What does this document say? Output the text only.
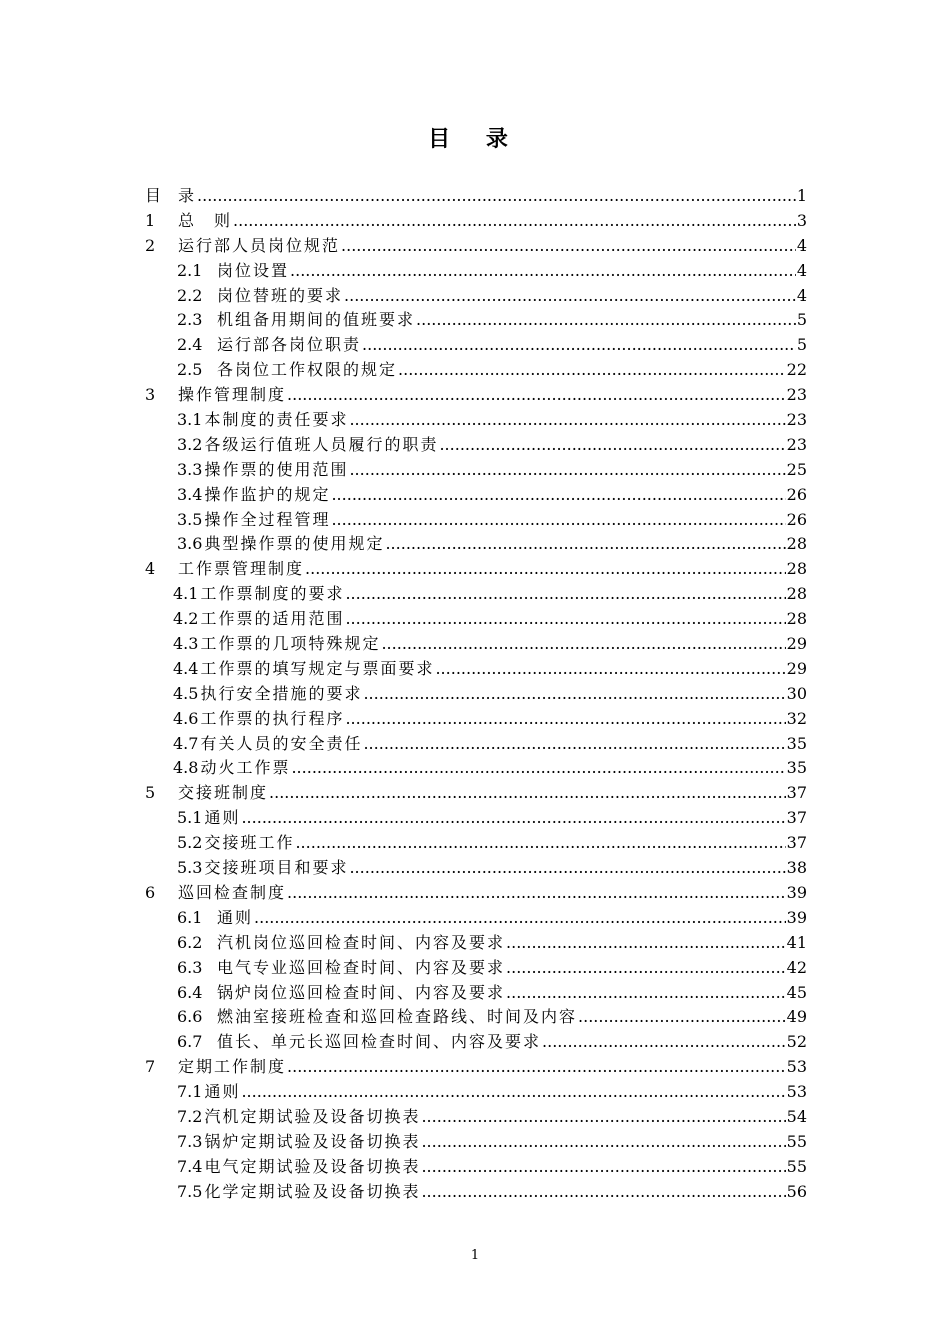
目 录
目	录 .....	1
1	总　则 .....	3
2	运行部人员岗位规范 .....	4
2.1 岗位设置 .....	4
2.2 岗位替班的要求 .....	4
2.3 机组备用期间的值班要求 .....	5
2.4 运行部各岗位职责 .....	5
2.5 各岗位工作权限的规定 .....	22
3	操作管理制度 .....	23
3.1 本制度的责任要求 .....	23
3.2 各级运行值班人员履行的职责 .....	23
3.3 操作票的使用范围 .....	25
3.4 操作监护的规定 .....	26
3.5 操作全过程管理 .....	26
3.6 典型操作票的使用规定 .....	28
4	工作票管理制度 .....	28
4.1 工作票制度的要求 .....	28
4.2 工作票的适用范围 .....	28
4.3 工作票的几项特殊规定 .....	29
4.4 工作票的填写规定与票面要求 .....	29
4.5 执行安全措施的要求 .....	30
4.6 工作票的执行程序 .....	32
4.7 有关人员的安全责任 .....	35
4.8 动火工作票 .....	35
5	交接班制度 .....	37
5.1 通则 .....	37
5.2 交接班工作 .....	37
5.3 交接班项目和要求 .....	38
6	巡回检查制度 .....	39
6.1 通则 .....	39
6.2 汽机岗位巡回检查时间、内容及要求 .....	41
6.3 电气专业巡回检查时间、内容及要求 .....	42
6.4 锅炉岗位巡回检查时间、内容及要求 .....	45
6.6 燃油室接班检查和巡回检查路线、时间及内容 .....	49
6.7 值长、单元长巡回检查时间、内容及要求 .....	52
7	定期工作制度 .....	53
7.1 通则 .....	53
7.2 汽机定期试验及设备切换表 .....	54
7.3 锅炉定期试验及设备切换表 .....	55
7.4 电气定期试验及设备切换表 .....	55
7.5 化学定期试验及设备切换表 .....	56
1
